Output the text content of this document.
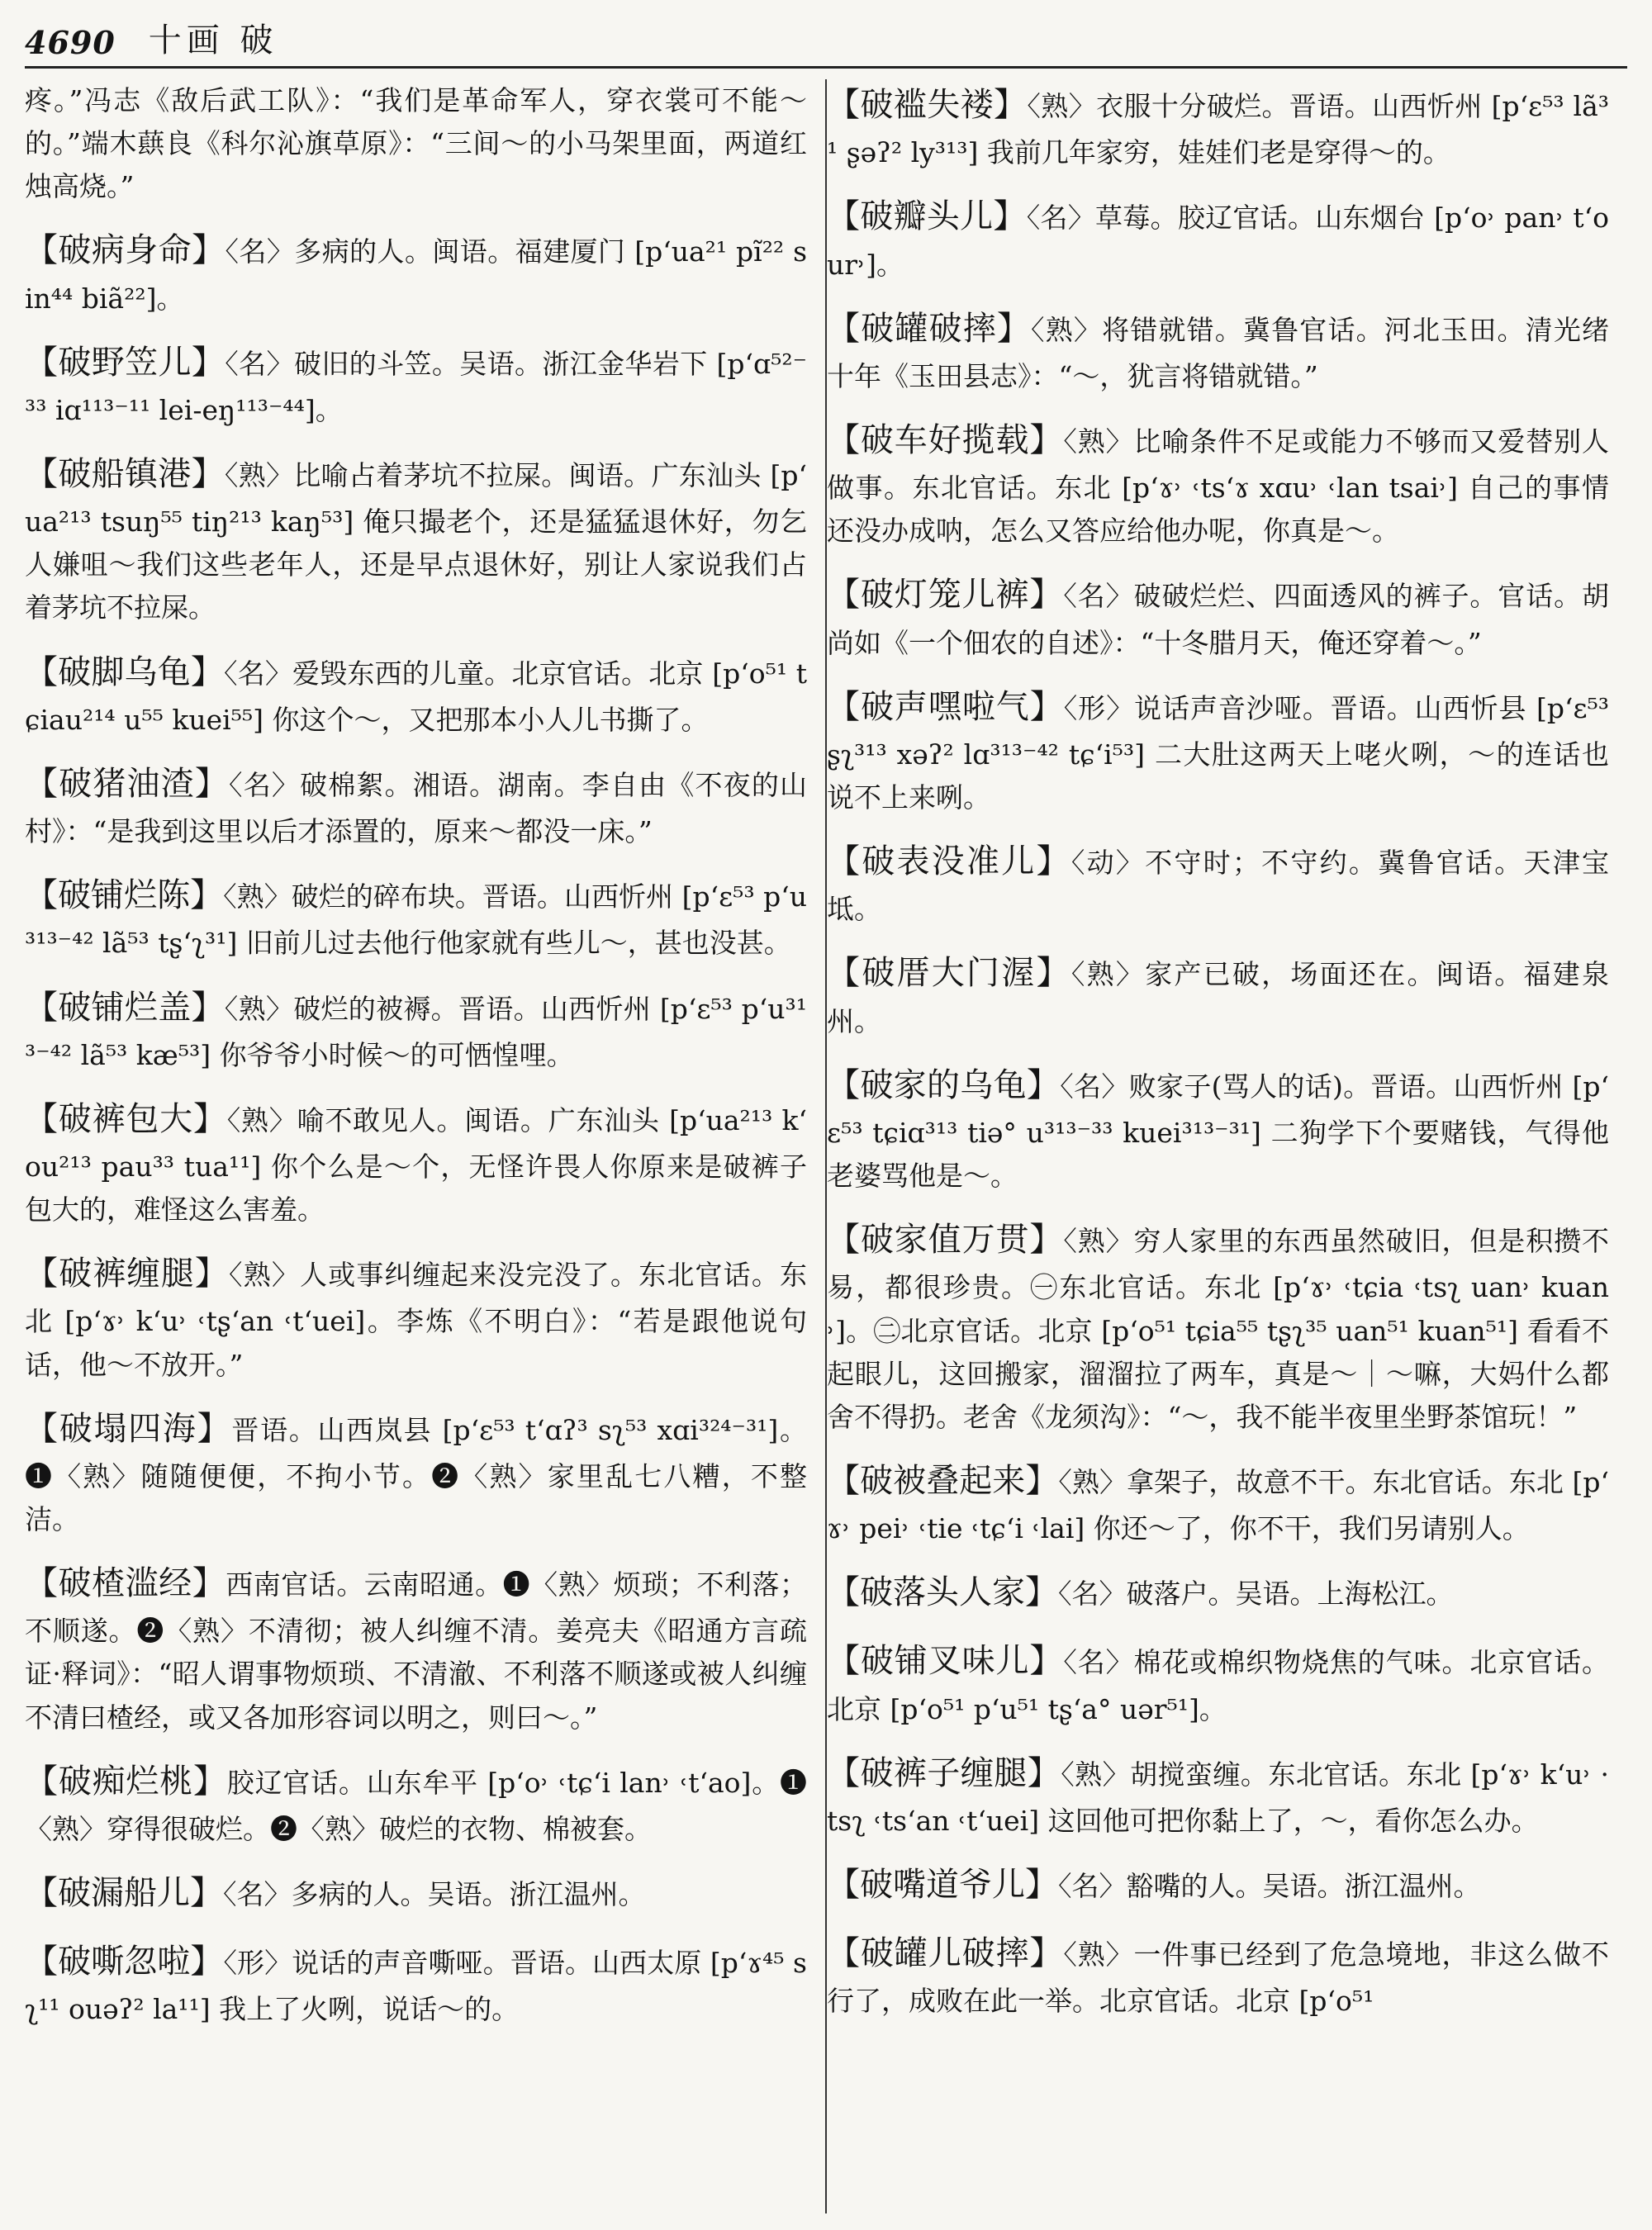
4690 十画 破

疼。”冯志《敌后武工队》：“我们是革命军人，穿衣裳可不能～的。”端木蕻良《科尔沁旗草原》：“三间～的小马架里面，两道红烛高烧。”

【破病身命】〈名〉多病的人。闽语。福建厦门 [pʻua²¹ pĩ²² sin⁴⁴ biã²²]。

【破野笠儿】〈名〉破旧的斗笠。吴语。浙江金华岩下 [pʻɑ⁵²⁻³³ iɑ¹¹³⁻¹¹ lei-eŋ¹¹³⁻⁴⁴]。

【破船镇港】〈熟〉比喻占着茅坑不拉屎。闽语。广东汕头 [pʻua²¹³ tsuŋ⁵⁵ tiŋ²¹³ kaŋ⁵³] 俺只撮老个，还是猛猛退休好，勿乞人嫌咀～我们这些老年人，还是早点退休好，别让人家说我们占着茅坑不拉屎。

【破脚乌龟】〈名〉爱毁东西的儿童。北京官话。北京 [pʻo⁵¹ tɕiau²¹⁴ u⁵⁵ kuei⁵⁵] 你这个～，又把那本小人儿书撕了。

【破猪油渣】〈名〉破棉絮。湘语。湖南。李自由《不夜的山村》：“是我到这里以后才添置的，原来～都没一床。”

【破铺烂陈】〈熟〉破烂的碎布块。晋语。山西忻州 [pʻɛ⁵³ pʻu³¹³⁻⁴² lã⁵³ tʂʻʅ³¹] 旧前儿过去他行他家就有些儿～，甚也没甚。

【破铺烂盖】〈熟〉破烂的被褥。晋语。山西忻州 [pʻɛ⁵³ pʻu³¹³⁻⁴² lã⁵³ kæ⁵³] 你爷爷小时候～的可恓惶哩。

【破裤包大】〈熟〉喻不敢见人。闽语。广东汕头 [pʻua²¹³ kʻou²¹³ pau³³ tua¹¹] 你个么是～个，无怪许畏人你原来是破裤子包大的，难怪这么害羞。

【破裤缠腿】〈熟〉人或事纠缠起来没完没了。东北官话。东北 [pʻɤ˒ kʻu˒ ˓tʂʻan ˓tʻuei]。李炼《不明白》：“若是跟他说句话，他～不放开。”

【破塌四海】晋语。山西岚县 [pʻɛ⁵³ tʻɑʔ³ sʅ⁵³ xɑi³²⁴⁻³¹]。❶〈熟〉随随便便，不拘小节。❷〈熟〉家里乱七八糟，不整洁。

【破楂滥经】西南官话。云南昭通。❶〈熟〉烦琐；不利落；不顺遂。❷〈熟〉不清彻；被人纠缠不清。姜亮夫《昭通方言疏证·释词》：“昭人谓事物烦琐、不清澈、不利落不顺遂或被人纠缠不清曰楂经，或又各加形容词以明之，则曰～。”

【破痴烂桃】胶辽官话。山东牟平 [pʻo˒ ˓tɕʻi lan˒ ˓tʻao]。❶〈熟〉穿得很破烂。❷〈熟〉破烂的衣物、棉被套。

【破漏船儿】〈名〉多病的人。吴语。浙江温州。

【破嘶忽啦】〈形〉说话的声音嘶哑。晋语。山西太原 [pʻɤ⁴⁵ sʅ¹¹ ouəʔ² la¹¹] 我上了火咧，说话～的。

【破褴失褛】〈熟〉衣服十分破烂。晋语。山西忻州 [pʻɛ⁵³ lã³¹ ʂəʔ² ly³¹³] 我前几年家穷，娃娃们老是穿得～的。

【破瓣头儿】〈名〉草莓。胶辽官话。山东烟台 [pʻo˒ pan˒ tʻour˒]。

【破罐破摔】〈熟〉将错就错。冀鲁官话。河北玉田。清光绪十年《玉田县志》：“～，犹言将错就错。”

【破车好揽载】〈熟〉比喻条件不足或能力不够而又爱替别人做事。东北官话。东北 [pʻɤ˒ ˓tsʻɤ xɑu˒ ˓lan tsai˒] 自己的事情还没办成呐，怎么又答应给他办呢，你真是～。

【破灯笼儿裤】〈名〉破破烂烂、四面透风的裤子。官话。胡尚如《一个佃农的自述》：“十冬腊月天，俺还穿着～。”

【破声嘿啦气】〈形〉说话声音沙哑。晋语。山西忻县 [pʻɛ⁵³ ʂʅ³¹³ xəʔ² lɑ³¹³⁻⁴² tɕʻi⁵³] 二大肚这两天上咾火咧，～的连话也说不上来咧。

【破表没准儿】〈动〉不守时；不守约。冀鲁官话。天津宝坻。

【破厝大门渥】〈熟〉家产已破，场面还在。闽语。福建泉州。

【破家的乌龟】〈名〉败家子(骂人的话)。晋语。山西忻州 [pʻɛ⁵³ tɕiɑ³¹³ tiə° u³¹³⁻³³ kuei³¹³⁻³¹] 二狗学下个要赌钱，气得他老婆骂他是～。

【破家值万贯】〈熟〉穷人家里的东西虽然破旧，但是积攒不易，都很珍贵。㊀东北官话。东北 [pʻɤ˒ ˓tɕia ˓tsʅ uan˒ kuan˒]。㊁北京官话。北京 [pʻo⁵¹ tɕia⁵⁵ tʂʅ³⁵ uan⁵¹ kuan⁵¹] 看看不起眼儿，这回搬家，溜溜拉了两车，真是～｜～嘛，大妈什么都舍不得扔。老舍《龙须沟》：“～，我不能半夜里坐野茶馆玩！”

【破被叠起来】〈熟〉拿架子，故意不干。东北官话。东北 [pʻɤ˒ pei˒ ˓tie ˓tɕʻi ˓lai] 你还～了，你不干，我们另请别人。

【破落头人家】〈名〉破落户。吴语。上海松江。

【破铺叉味儿】〈名〉棉花或棉织物烧焦的气味。北京官话。北京 [pʻo⁵¹ pʻu⁵¹ tʂʻa° uər⁵¹]。

【破裤子缠腿】〈熟〉胡搅蛮缠。东北官话。东北 [pʻɤ˒ kʻu˒ ·tsʅ ˓tsʻan ˓tʻuei] 这回他可把你黏上了，～，看你怎么办。

【破嘴道爷儿】〈名〉豁嘴的人。吴语。浙江温州。

【破罐儿破摔】〈熟〉一件事已经到了危急境地，非这么做不行了，成败在此一举。北京官话。北京 [pʻo⁵¹
